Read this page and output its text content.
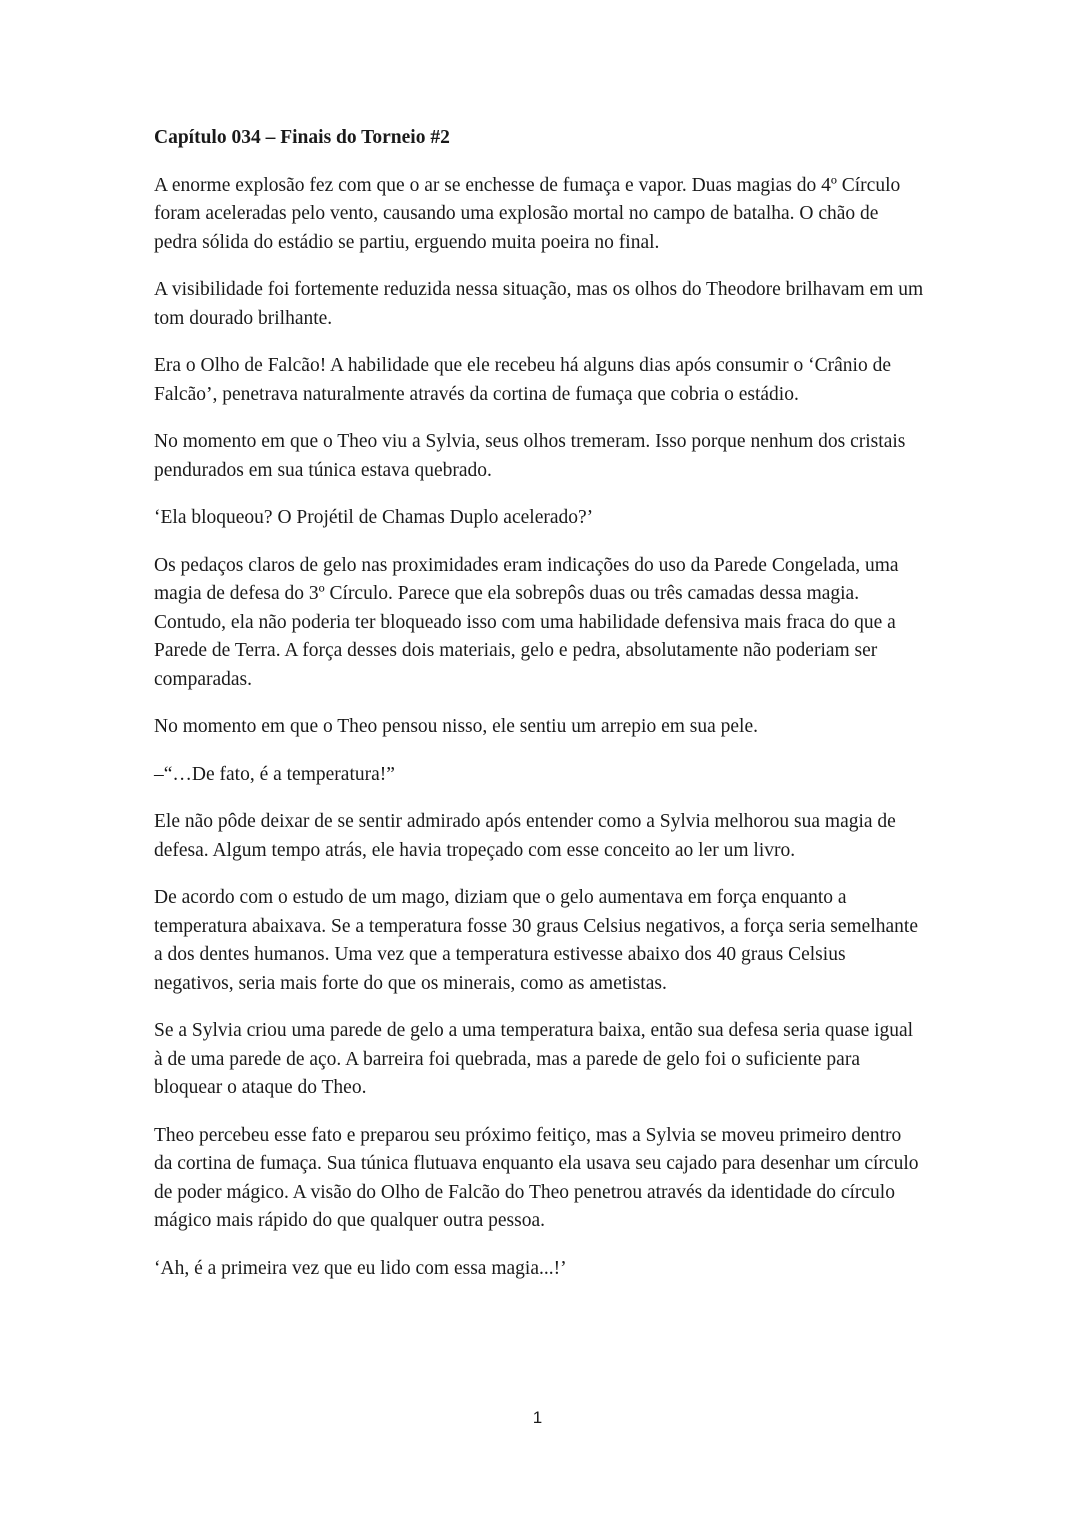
Capítulo 034 – Finais do Torneio #2

A enorme explosão fez com que o ar se enchesse de fumaça e vapor. Duas magias do 4º Círculo foram aceleradas pelo vento, causando uma explosão mortal no campo de batalha. O chão de pedra sólida do estádio se partiu, erguendo muita poeira no final.

A visibilidade foi fortemente reduzida nessa situação, mas os olhos do Theodore brilhavam em um tom dourado brilhante.

Era o Olho de Falcão! A habilidade que ele recebeu há alguns dias após consumir o ‘Crânio de Falcão’, penetrava naturalmente através da cortina de fumaça que cobria o estádio.

No momento em que o Theo viu a Sylvia, seus olhos tremeram. Isso porque nenhum dos cristais pendurados em sua túnica estava quebrado.

‘Ela bloqueou? O Projétil de Chamas Duplo acelerado?’

Os pedaços claros de gelo nas proximidades eram indicações do uso da Parede Congelada, uma magia de defesa do 3º Círculo. Parece que ela sobrepôs duas ou três camadas dessa magia. Contudo, ela não poderia ter bloqueado isso com uma habilidade defensiva mais fraca do que a Parede de Terra. A força desses dois materiais, gelo e pedra, absolutamente não poderiam ser comparadas.

No momento em que o Theo pensou nisso, ele sentiu um arrepio em sua pele.

–“…De fato, é a temperatura!”

Ele não pôde deixar de se sentir admirado após entender como a Sylvia melhorou sua magia de defesa. Algum tempo atrás, ele havia tropeçado com esse conceito ao ler um livro.

De acordo com o estudo de um mago, diziam que o gelo aumentava em força enquanto a temperatura abaixava. Se a temperatura fosse 30 graus Celsius negativos, a força seria semelhante a dos dentes humanos. Uma vez que a temperatura estivesse abaixo dos 40 graus Celsius negativos, seria mais forte do que os minerais, como as ametistas.

Se a Sylvia criou uma parede de gelo a uma temperatura baixa, então sua defesa seria quase igual à de uma parede de aço. A barreira foi quebrada, mas a parede de gelo foi o suficiente para bloquear o ataque do Theo.

Theo percebeu esse fato e preparou seu próximo feitiço, mas a Sylvia se moveu primeiro dentro da cortina de fumaça. Sua túnica flutuava enquanto ela usava seu cajado para desenhar um círculo de poder mágico. A visão do Olho de Falcão do Theo penetrou através da identidade do círculo mágico mais rápido do que qualquer outra pessoa.

‘Ah, é a primeira vez que eu lido com essa magia...!’

1
